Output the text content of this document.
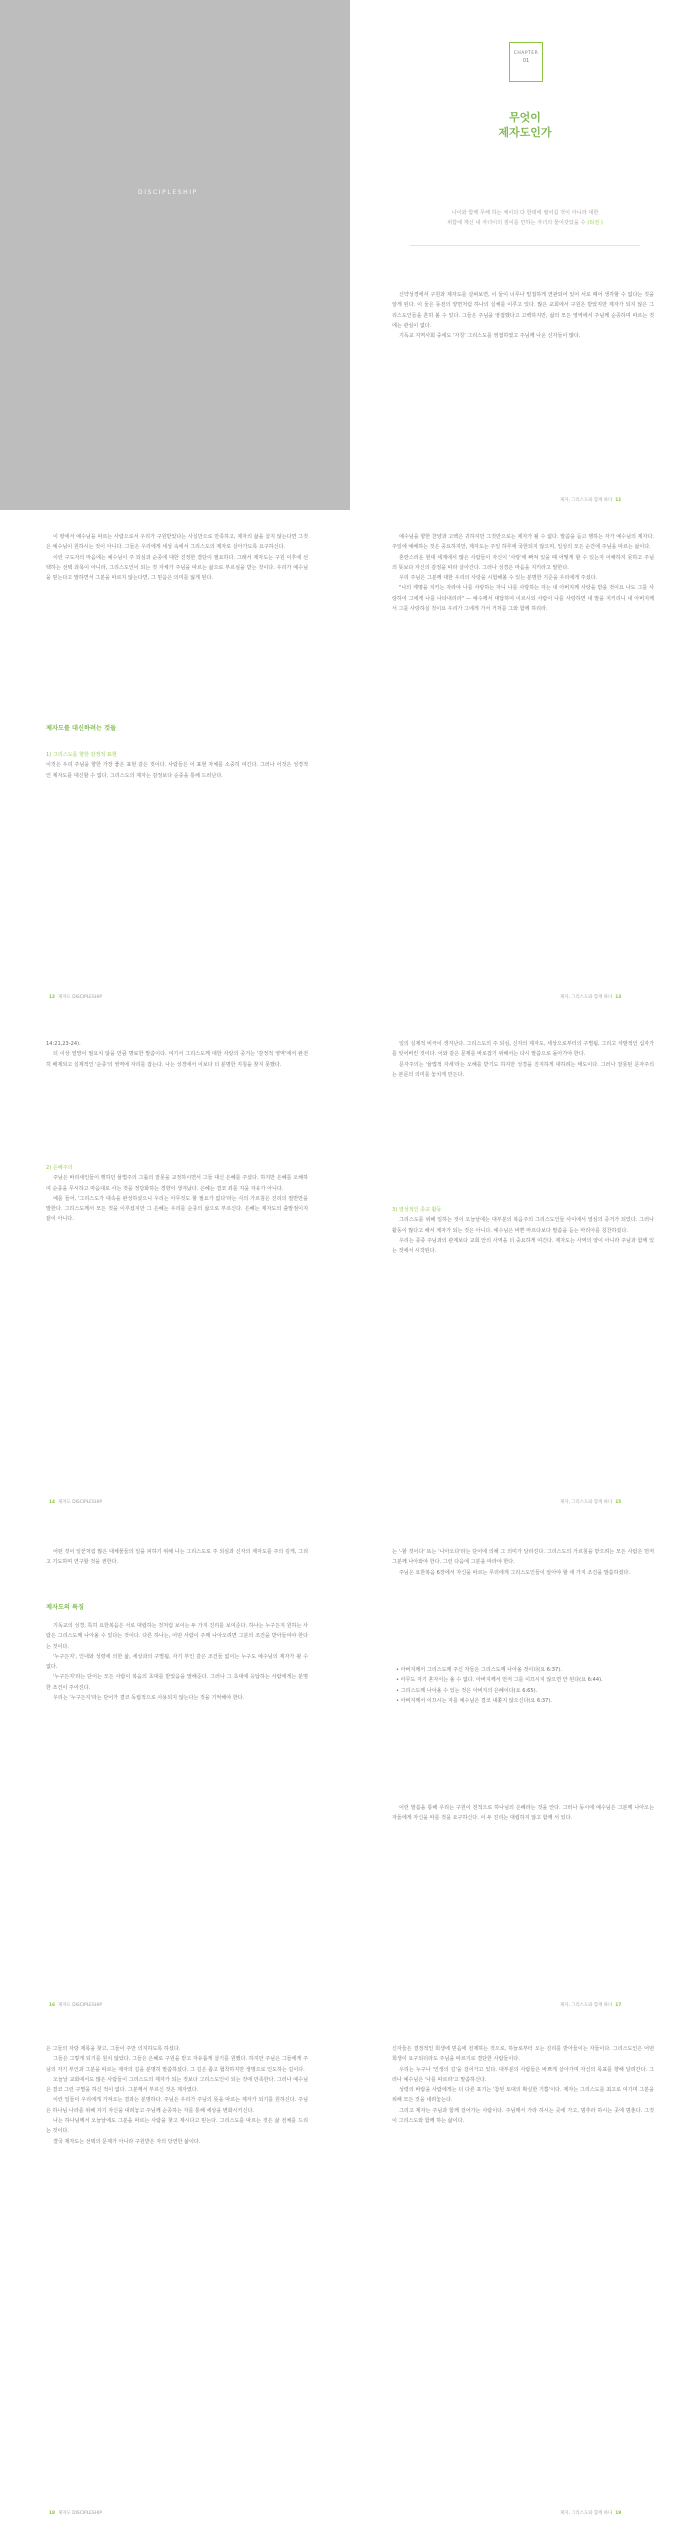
DISCIPLESHIP
CHAPTER
01
무엇이
제자도인가
나이와 함께 무해 하는 체이다 다 한데에 필어길 것이 아니라 대한
위함에 계신 내 자녀이의 짐이를 만하는 자녀의 물어갖았을 수 (티전 )

신약성경에서 구원과 제자도를 살펴보면, 이 둘이 너무나 밀접하게 연관되어 있어 서로 떼어 생각할 수 없다는 것을 알게 된다. 이 둘은 동전의 양면처럼 하나의 실체를 이루고 있다. 많은 교회에서 구원은 받았지만 제자가 되지 않은 그리스도인들을 흔히 볼 수 있다. 그들은 주님을 영접했다고 고백하지만, 삶의 모든 영역에서 주님께 순종하며 따르는 것에는 관심이 없다.

기독교 지역사회 중에도 '자칭' 그리스도를 영접하였고 주님께 나온 신자들이 많다.

제자, 그리스도와 함께 하다 11

이 땅에서 예수님을 따르는 사람으로서 우리가 구원받았다는 사실만으로 만족하고, 제자의 삶을 살지 않는다면 그것은 예수님이 원하시는 것이 아니다. 그들은 우리에게 세상 속에서 그리스도의 제자로 살아가도록 요구하신다.

이런 구도자의 마음에는 예수님이 주 되심과 순종에 대한 진정한 결단이 필요하다. 그래서 제자도는 구원 이후에 선택하는 선택 과목이 아니라, 그리스도인이 되는 것 자체가 주님을 따르는 삶으로 부르심을 받는 것이다. 우리가 예수님을 믿는다고 말하면서 그분을 따르지 않는다면, 그 믿음은 의미를 잃게 된다.

제자도를 대신하려는 것들
1) 그리스도를 향한 감정적 표현

이것은 우리 주님을 향한 가장 좋은 표현 같은 것이다. 사람들은 이 표현 자체를 소중히 여긴다. 그러나 이것은 성경적인 제자도를 대신할 수 없다. 그리스도의 제자는 감정보다 순종을 통해 드러난다.

12 제자도 DISCIPLESHIP

예수님을 향한 찬양과 고백은 귀하지만 그것만으로는 제자가 될 수 없다. 말씀을 듣고 행하는 자가 예수님의 제자다. 주일에 예배하는 것은 중요하지만, 제자도는 주일 하루에 국한되지 않으며, 일상의 모든 순간에 주님을 따르는 삶이다.

혼란스러운 현대 세계에서 많은 사람들이 자신이 '사랑'에 빠져 있을 때 어떻게 할 수 있는지 이해하지 못하고 주님의 뜻보다 자신의 감정을 따라 살아간다. 그러나 성경은 마음을 지키라고 말한다.

우리 주님은 그분께 대한 우리의 사랑을 시험해볼 수 있는 분명한 기준을 우리에게 주셨다.

"나의 계명을 지키는 자라야 나를 사랑하는 자니 나를 사랑하는 자는 내 아버지께 사랑을 받을 것이요 나도 그를 사랑하여 그에게 나를 나타내리라" — 예수께서 대답하여 이르시되 사람이 나를 사랑하면 내 말을 지키리니 내 아버지께서 그를 사랑하실 것이요 우리가 그에게 가서 거처를 그와 함께 하리라.

제자, 그리스도와 함께 하다 13

14:21,23-24).

더 이상 열망이 필요치 않을 만큼 명료한 말씀이다. 여기서 그리스도께 대한 사랑의 증거는 '감정적 영역'에서 완전히 배제되고 실제적인 '순종'의 영역에 자리를 잡는다. 나는 성경에서 이보다 더 분명한 지침을 찾지 못했다.

2) 은혜주의

주님은 바리새인들이 행하던 율법주의 그룹의 잘못을 교정하시면서 그들 대신 은혜를 주셨다. 하지만 은혜를 오해하여 순종을 무시하고 마음대로 사는 것을 정당화하는 경향이 생겨났다. 은혜는 결코 죄를 지을 자유가 아니다.

예를 들어, '그리스도가 대속을 완성하셨으니 우리는 아무것도 할 필요가 없다'라는 식의 가르침은 진리의 절반만을 말한다. 그리스도께서 모든 것을 이루셨지만 그 은혜는 우리를 순종의 삶으로 부르신다. 은혜는 제자도의 출발점이지 끝이 아니다.

14 제자도 DISCIPLESHIP

일의 실제적 비극이 생겨난다. 그리스도의 주 되심, 신자의 제자도, 세상으로부터의 구별됨, 그리고 자발적인 십자가를 잊어버린 것이다. 이와 같은 문제를 바로잡기 위해서는 다시 말씀으로 돌아가야 한다.

문자주의는 '율법적 자세'라는 오해를 받기도 하지만 성경을 진지하게 대하려는 태도이다. 그러나 잘못된 문자주의는 본문의 의미를 놓치게 만든다.

3) 열성적인 종교 활동

그리스도를 위해 일하는 것이 오늘날에는 대부분의 복음주의 그리스도인들 사이에서 열심의 증거가 되었다. 그러나 활동이 많다고 해서 제자가 되는 것은 아니다. 예수님은 바쁜 마르다보다 말씀을 듣는 마리아를 칭찬하셨다.

우리는 종종 주님과의 관계보다 교회 안의 사역을 더 중요하게 여긴다. 제자도는 사역의 양이 아니라 주님과 함께 있는 것에서 시작된다.

제자, 그리스도와 함께 하다 15

어떤 것이 일꾼처럼 많은 대체물들의 일을 피하기 위해 나는 그리스도로 주 되심과 신자의 제자도를 주의 깊게, 그리고 기도하며 연구할 것을 권한다.

제자도의 특징

기독교의 성경, 특히 요한복음은 서로 대립하는 것처럼 보이는 두 가지 진리를 보여준다. 하나는 누구든지 원하는 사람은 그리스도께 나아올 수 있다는 것이다. 다른 하나는, 어떤 사람이 주께 나아오려면 그분의 조건을 받아들여야 한다는 것이다.

'누구든지', 인내와 성령에 의한 삶, 세상과의 구별됨, 자기 부인 같은 조건들 없이는 누구도 예수님의 제자가 될 수 없다.

'누구든지'라는 단어는 모든 사람이 복음의 초대를 받았음을 말해준다. 그러나 그 초대에 응답하는 사람에게는 분명한 조건이 주어진다.

우리는 '누구든지'라는 단어가 결코 독립적으로 사용되지 않는다는 것을 기억해야 한다.

16 제자도 DISCIPLESHIP

는 '-할 것이다' 또는 '나아오다'라는 단어에 의해 그 의미가 달라진다. 그리스도의 가르침을 받으려는 모든 사람은 먼저 그분께 나아와야 한다. 그런 다음에 그분을 따라야 한다.

주님은 요한복음 6장에서 자신을 따르는 무리에게 그리스도인들이 알아야 할 세 가지 조건을 말씀하셨다.

• 아버지께서 그리스도께 주신 자들은 그리스도께 나아올 것이다(요 6:37).

• 아무도 자기 혼자서는 올 수 없다. 아버지께서 먼저 그를 이끄시지 않으면 안 된다(요 6:44).

• 그리스도께 나아올 수 있는 것은 아버지의 은혜이다(요 6:65).

• 아버지께서 이끄시는 자를 예수님은 결코 내쫓지 않으신다(요 6:37).

이런 말씀을 통해 우리는 구원이 전적으로 하나님의 은혜라는 것을 안다. 그러나 동시에 예수님은 그분께 나아오는 자들에게 자신을 따를 것을 요구하신다. 이 두 진리는 대립하지 않고 함께 서 있다.

제자, 그리스도와 함께 하다 17

은 그들의 자랑 제목을 찾고, 그들이 주만 의지하도록 하셨다.

그들은 그렇게 되기를 원치 않았다. 그들은 은혜로 구원을 받고 자유롭게 살기를 원했다. 하지만 주님은 그들에게 주님의 자기 부인과 그분을 따르는 제자의 길을 분명히 말씀하셨다. 그 길은 좁고 협착하지만 생명으로 인도하는 길이다.

오늘날 교회에서도 많은 사람들이 그리스도의 제자가 되는 것보다 그리스도인이 되는 것에 만족한다. 그러나 예수님은 결코 그런 구별을 하신 적이 없다. 그분께서 부르신 것은 제자였다.

이런 일들이 우리에게 가져오는 결과는 분명하다. 주님은 우리가 주님의 뜻을 따르는 제자가 되기를 원하신다. 주님은 하나님 나라를 위해 자기 자신을 내려놓고 주님께 순종하는 자를 통해 세상을 변화시키신다.

나는 하나님께서 오늘날에도 그분을 따르는 사람을 찾고 계시다고 믿는다. 그리스도를 따르는 것은 삶 전체를 드리는 것이다.

결국 제자도는 선택의 문제가 아니라 구원받은 자의 당연한 삶이다.

18 제자도 DISCIPLESHIP

신자들은 결정적인 희생에 믿음에 전제하는 것으로, 하늘로부터 오는 진리를 받아들이는 자들이다. 그리스도인은 어떤 희생이 요구되더라도 주님을 따르기로 결단한 사람들이다.

우리는 누구나 '인생의 길'을 걸어가고 있다. 대부분의 사람들은 바쁘게 살아가며 자신의 목표를 향해 달려간다. 그러나 예수님은 '나를 따르라'고 말씀하신다.

성령의 바람을 사람에게는 더 다른 포기는 '참된 토대의 확실한 기쁨'이다. 제자는 그리스도를 최고로 여기며 그분을 위해 모든 것을 내려놓는다.

그리고 제자는 주님과 함께 걸어가는 사람이다. 주님께서 가라 하시는 곳에 가고, 멈추라 하시는 곳에 멈춘다. 그것이 그리스도와 함께 하는 삶이다.

제자, 그리스도와 함께 하다 19
